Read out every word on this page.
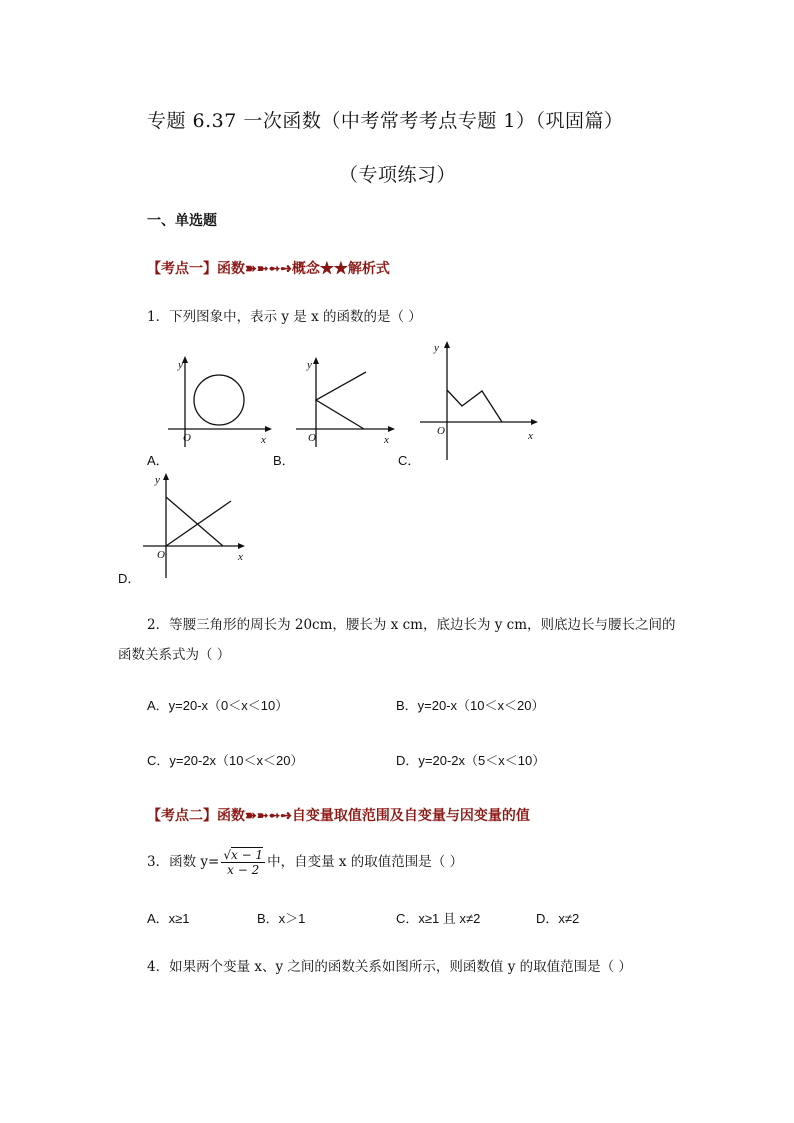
专题 6.37 一次函数（中考常考考点专题 1）（巩固篇）
（专项练习）
一、单选题
【考点一】函数➽➼➻➺概念★★解析式
1．下列图象中，表示 y 是 x 的函数的是（ ）
y
x
O
y
x
O
y
x
O
A．	B．	C．
y
x
O
D．
2．等腰三角形的周长为 20cm，腰长为 x cm，底边长为 y cm，则底边长与腰长之间的
函数关系式为（ ）
A．y=20-x（0＜x＜10）	B．y=20-x（10＜x＜20）
C．y=20-2x（10＜x＜20）	D．y=20-2x（5＜x＜10）
【考点二】函数➽➼➻➺自变量取值范围及自变量与因变量的值
3．函数 $y= \frac{√x - 1}{x - 2}$ 中，自变量 x 的取值范围是（ ）
A．x≥1	B．x＞1	C．x≥1 且 x≠2	D．x≠2
4．如果两个变量 x、y 之间的函数关系如图所示，则函数值 y 的取值范围是（ ）
